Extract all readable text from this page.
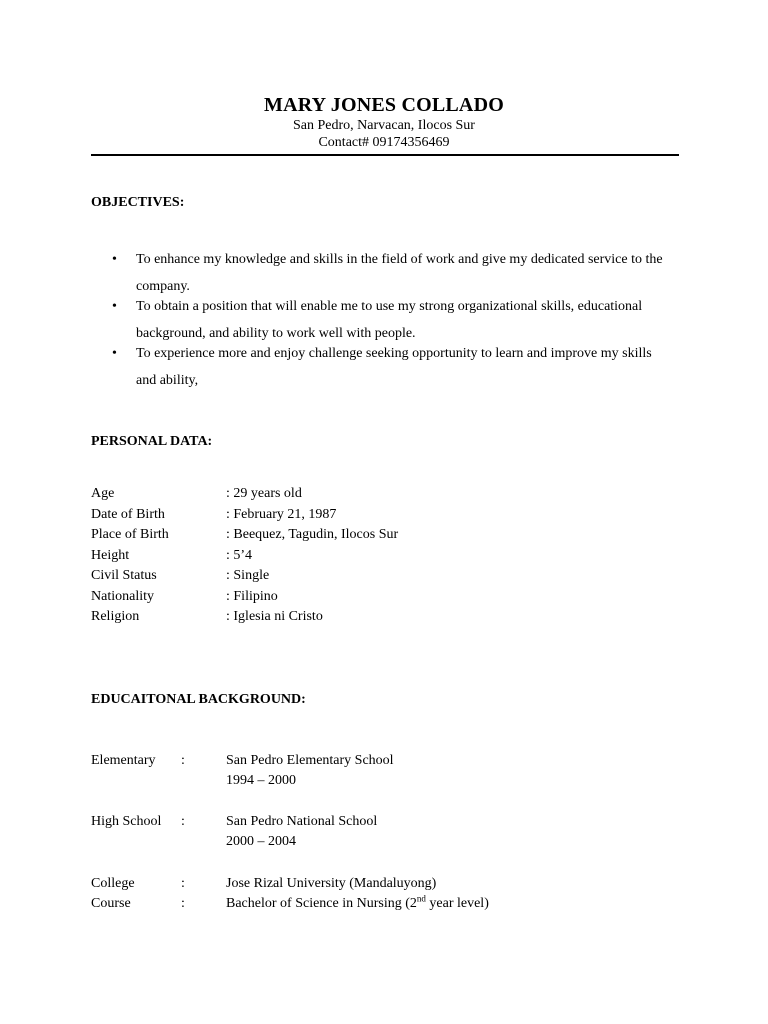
MARY JONES COLLADO
San Pedro, Narvacan, Ilocos Sur
Contact# 09174356469
OBJECTIVES:
• To enhance my knowledge and skills in the field of work and give my dedicated service to the company.
• To obtain a position that will enable me to use my strong organizational skills, educational background, and ability to work well with people.
• To experience more and enjoy challenge seeking opportunity to learn and improve my skills and ability,
PERSONAL DATA:
Age	: 29 years old
Date of Birth	: February 21, 1987
Place of Birth	: Beequez, Tagudin, Ilocos Sur
Height	: 5’4
Civil Status	: Single
Nationality	: Filipino
Religion	: Iglesia ni Cristo
EDUCAITONAL BACKGROUND:
Elementary :	San Pedro Elementary School
1994 – 2000
High School :	San Pedro National School
2000 – 2004
College	:	Jose Rizal University (Mandaluyong)
Course	:	Bachelor of Science in Nursing (2nd year level)
